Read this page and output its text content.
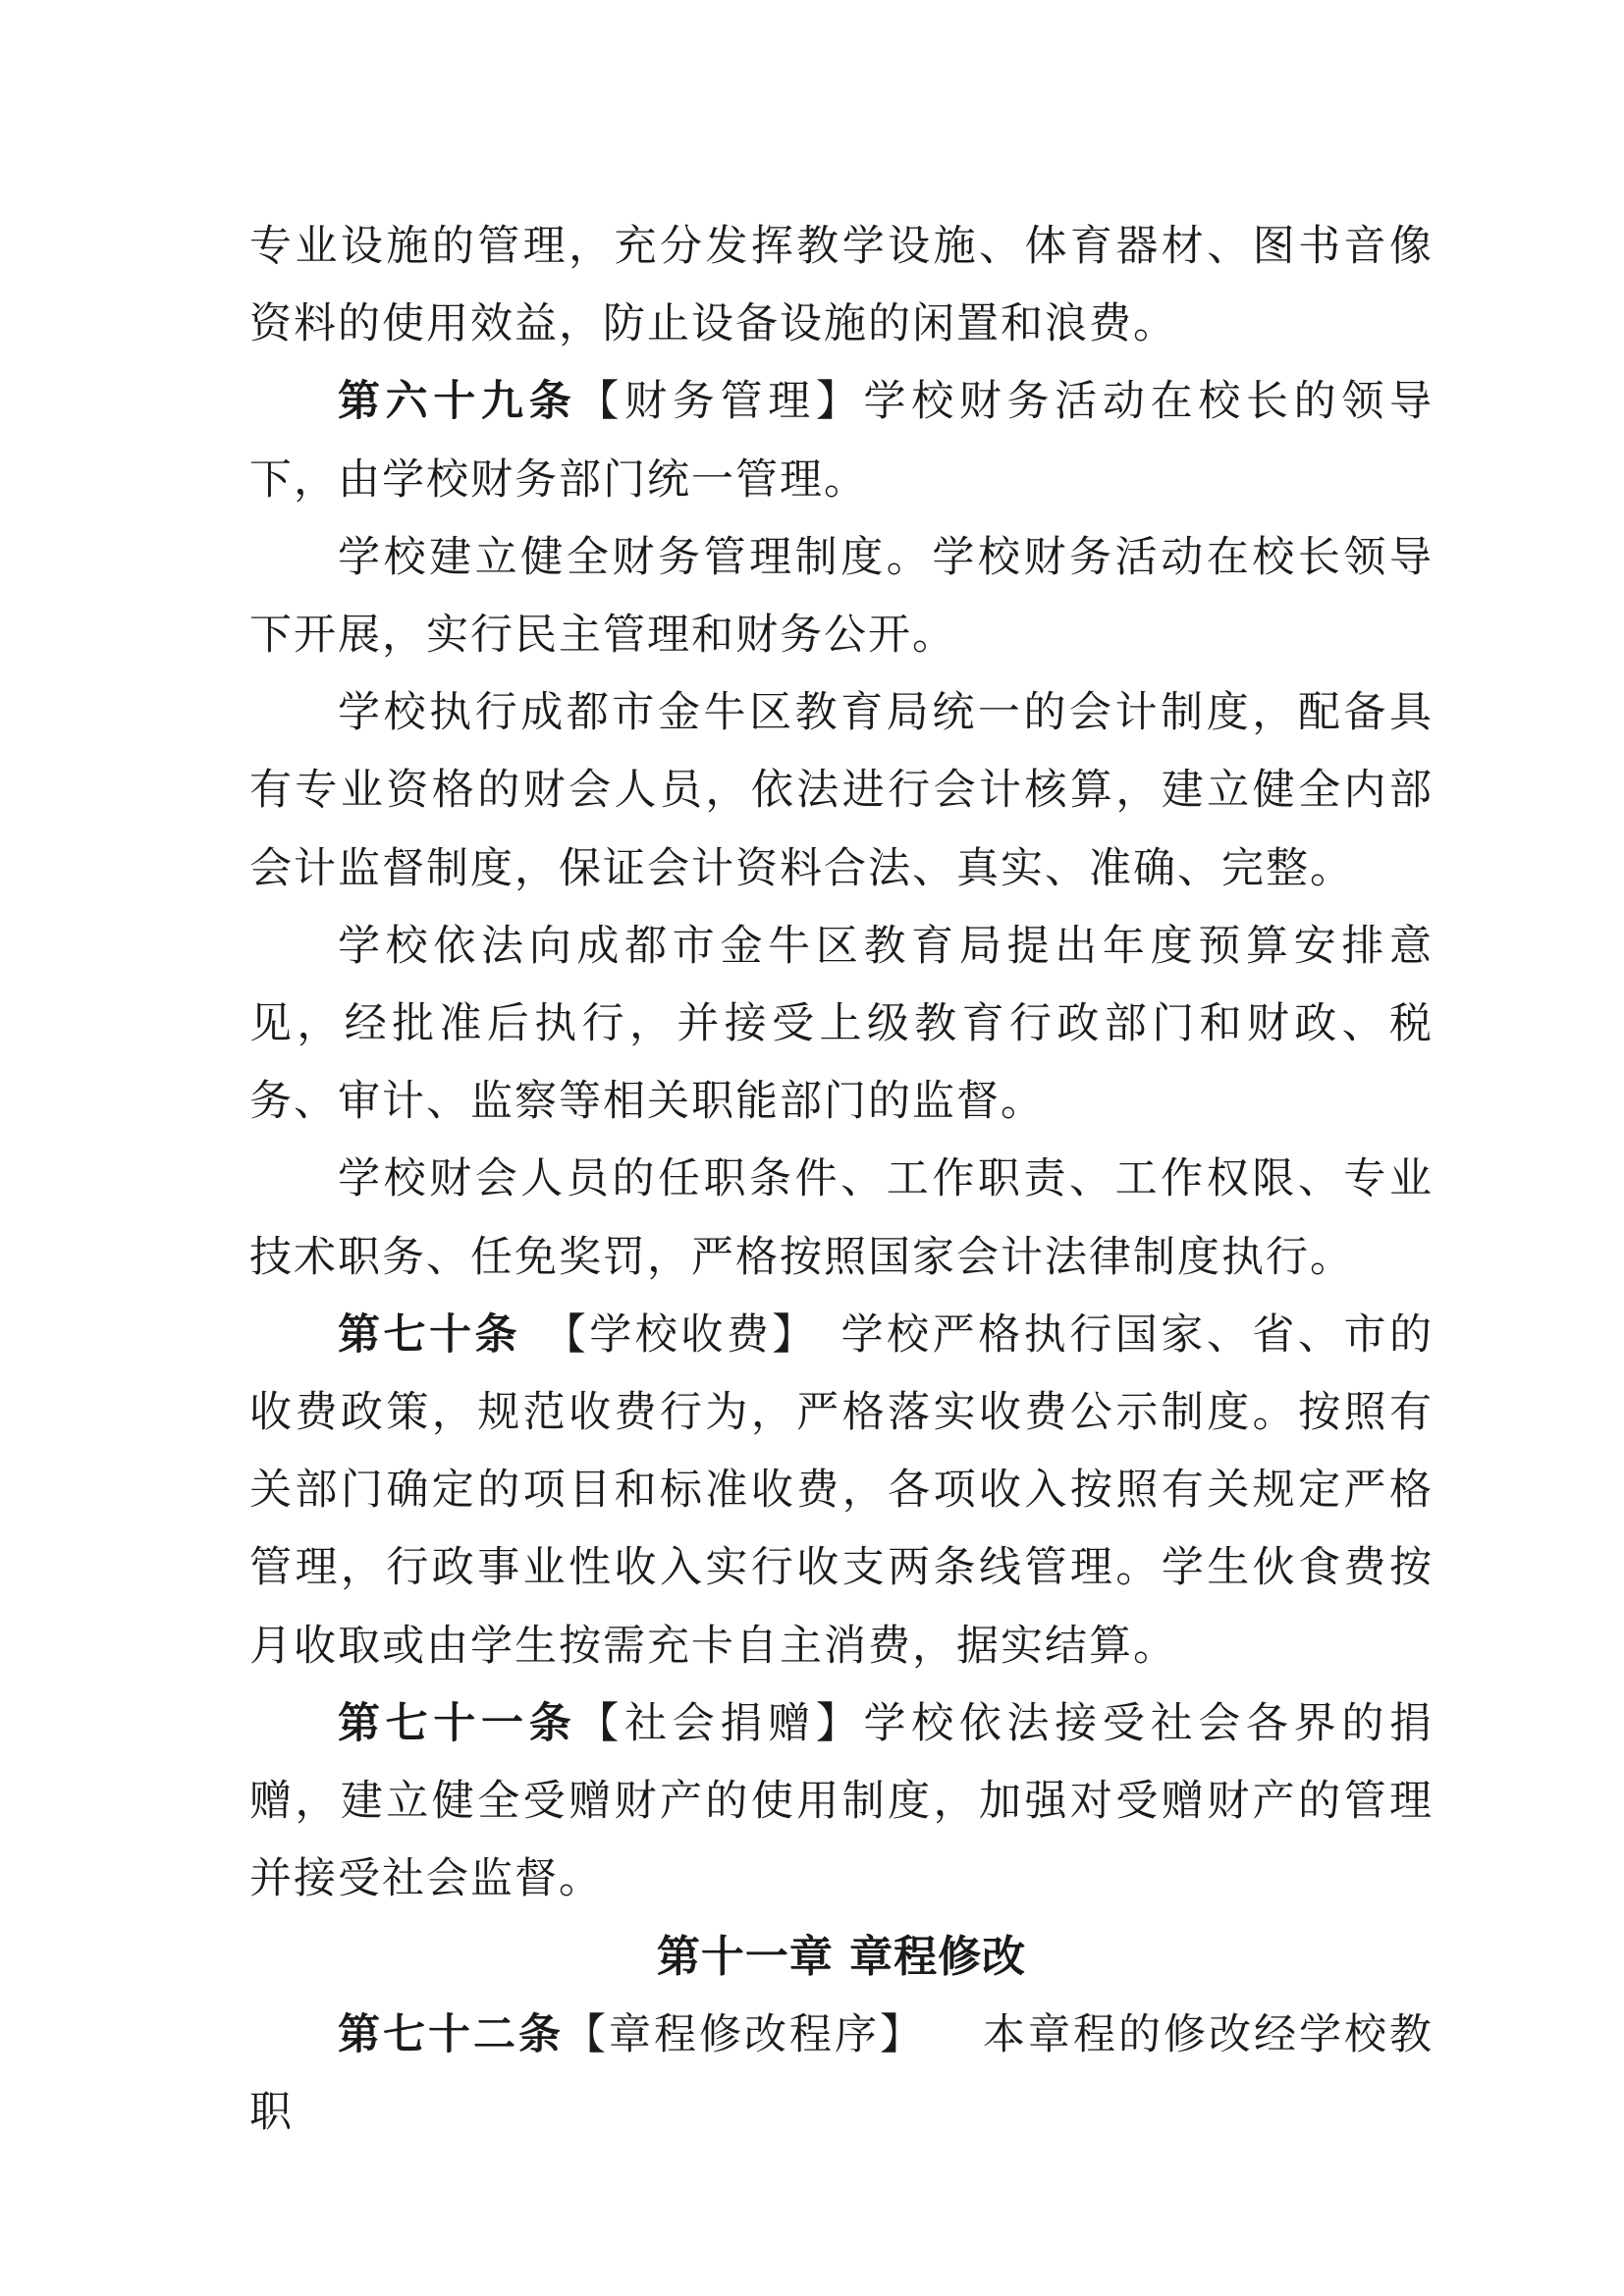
专业设施的管理，充分发挥教学设施、体育器材、图书音像资料的使用效益，防止设备设施的闲置和浪费。

第六十九条【财务管理】学校财务活动在校长的领导下，由学校财务部门统一管理。

学校建立健全财务管理制度。学校财务活动在校长领导下开展，实行民主管理和财务公开。

学校执行成都市金牛区教育局统一的会计制度，配备具有专业资格的财会人员，依法进行会计核算，建立健全内部会计监督制度，保证会计资料合法、真实、准确、完整。

学校依法向成都市金牛区教育局提出年度预算安排意见，经批准后执行，并接受上级教育行政部门和财政、税务、审计、监察等相关职能部门的监督。

学校财会人员的任职条件、工作职责、工作权限、专业技术职务、任免奖罚，严格按照国家会计法律制度执行。

第七十条 【学校收费】 学校严格执行国家、省、市的收费政策，规范收费行为，严格落实收费公示制度。按照有关部门确定的项目和标准收费，各项收入按照有关规定严格管理，行政事业性收入实行收支两条线管理。学生伙食费按月收取或由学生按需充卡自主消费，据实结算。

第七十一条【社会捐赠】学校依法接受社会各界的捐赠，建立健全受赠财产的使用制度，加强对受赠财产的管理并接受社会监督。

第十一章 章程修改

第七十二条【章程修改程序】 本章程的修改经学校教职
